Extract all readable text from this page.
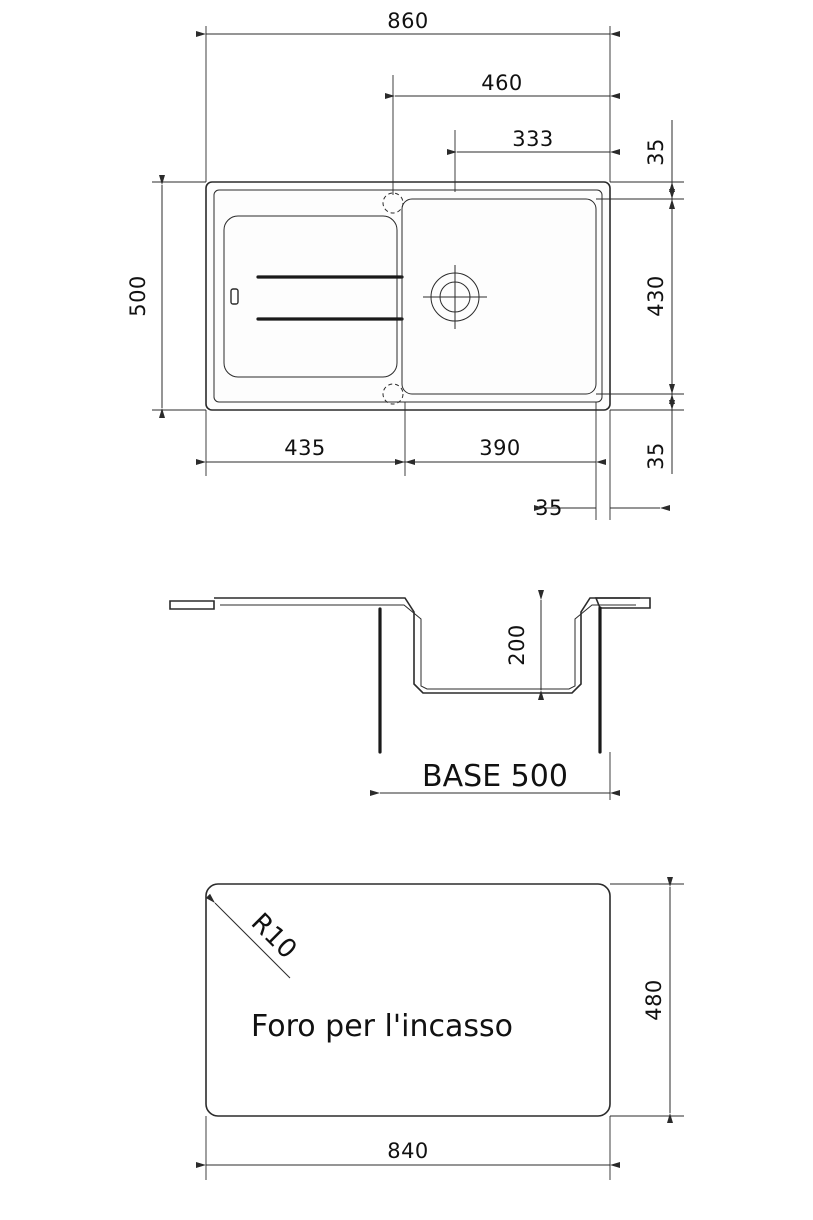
860
460
333	35
430
35
500
435	390
35
200
BASE 500
R10
Foro per l'incasso
480
840
